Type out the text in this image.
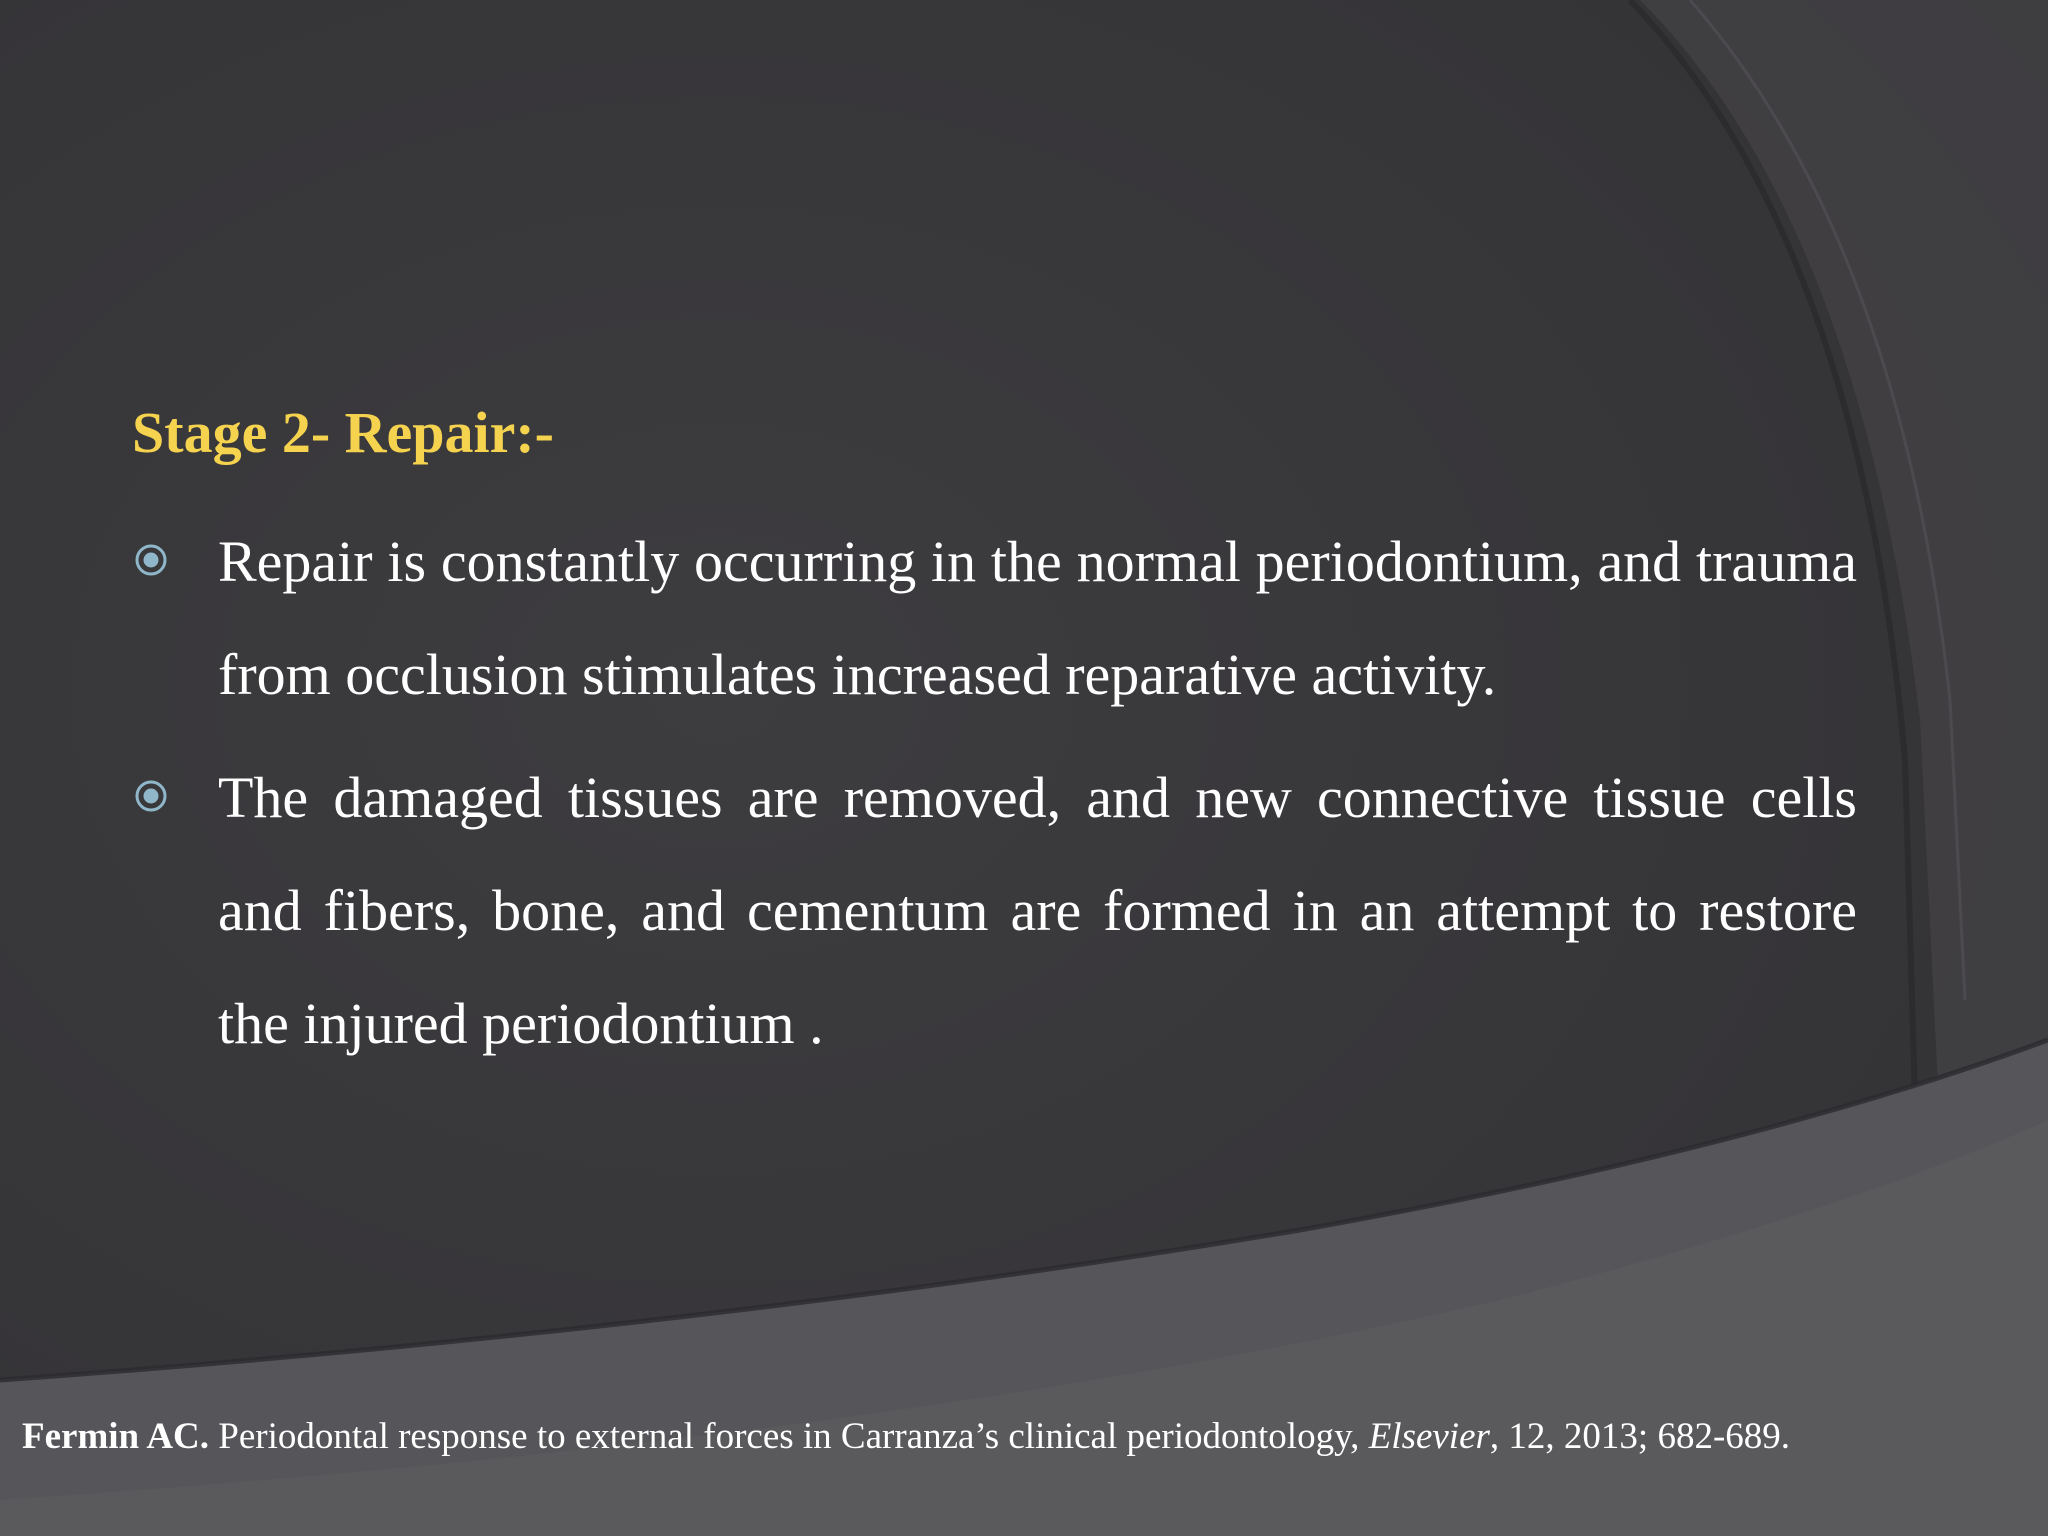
Stage 2- Repair:-
Repair is constantly occurring in the normal periodontium, and trauma from occlusion stimulates increased reparative activity.
The damaged tissues are removed, and new connective tissue cells and fibers, bone, and cementum are formed in an attempt to restore the injured periodontium .
Fermin AC. Periodontal response to external forces in Carranza’s clinical periodontology, Elsevier, 12, 2013; 682-689.
